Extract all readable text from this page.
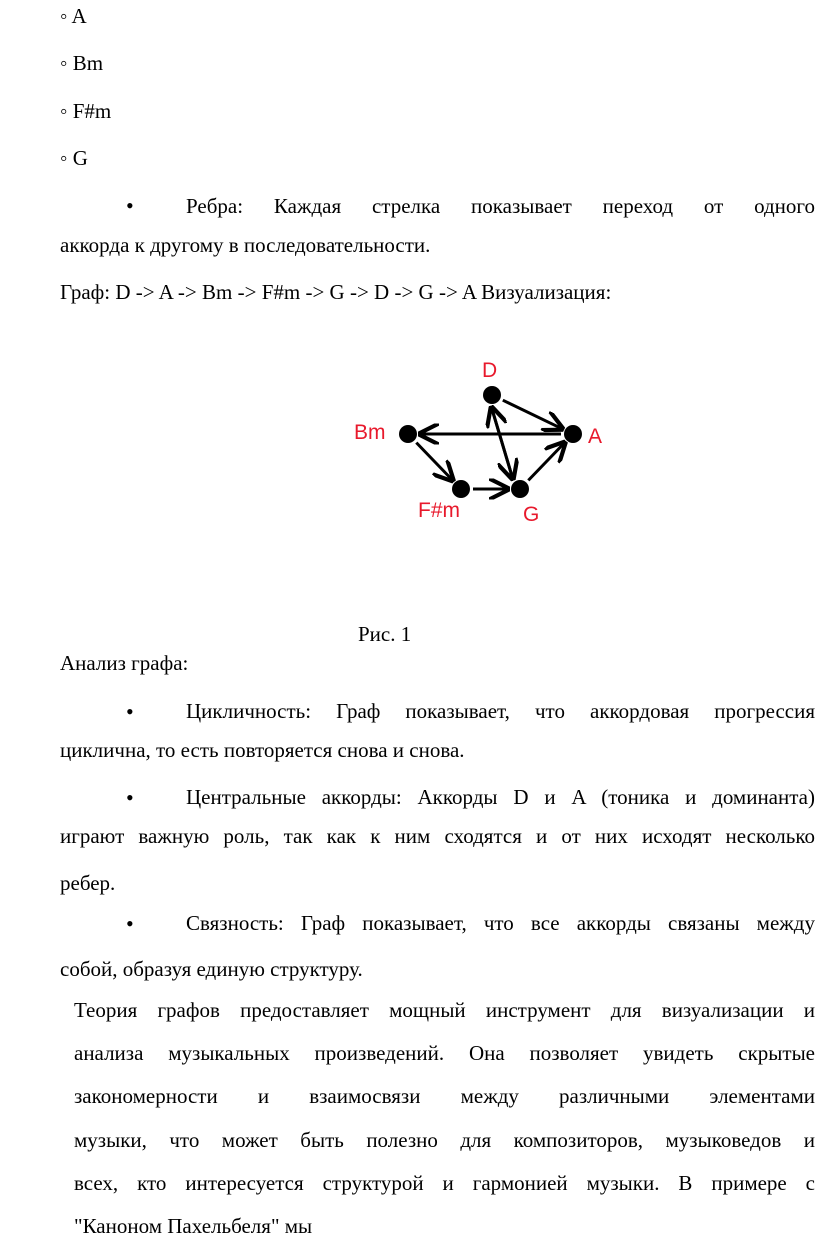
◦ A
◦ Bm
◦ F#m
◦ G
• Ребра: Каждая стрелка показывает переход от одного
аккорда к другому в последовательности.
Граф: D -> A -> Bm -> F#m -> G -> D -> G -> A Визуализация:
D
A
Bm
F#m	G
Рис. 1
Анализ графа:
• Цикличность: Граф показывает, что аккордовая прогрессия
циклична, то есть повторяется снова и снова.
• Центральные аккорды: Аккорды D и A (тоника и доминанта)
играют важную роль, так как к ним сходятся и от них исходят несколько
ребер.
• Связность: Граф показывает, что все аккорды связаны между
собой, образуя единую структуру.
Теория графов предоставляет мощный инструмент для визуализации и
анализа музыкальных произведений. Она позволяет увидеть скрытые
закономерности и взаимосвязи между различными элементами
музыки, что может быть полезно для композиторов, музыковедов и
всех, кто интересуется структурой и гармонией музыки. В примере с
"Каноном Пахельбеля" мы
